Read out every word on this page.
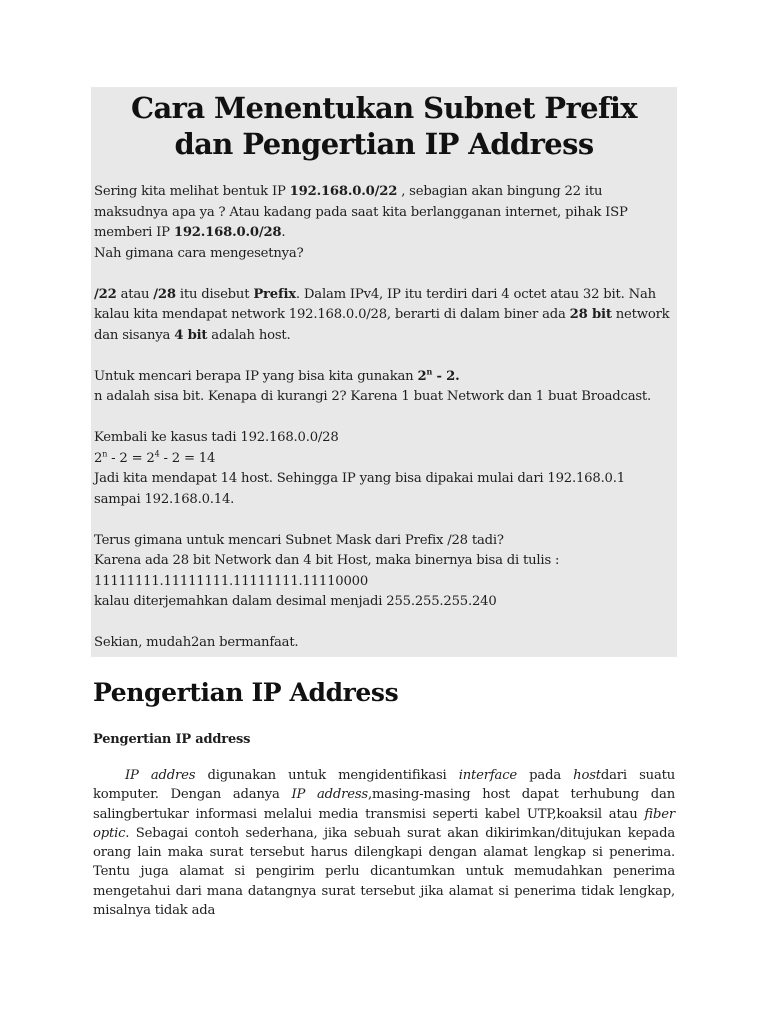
Cara Menentukan Subnet Prefix
dan Pengertian IP Address

Sering kita melihat bentuk IP 192.168.0.0/22 , sebagian akan bingung 22 itu maksudnya apa ya ? Atau kadang pada saat kita berlangganan internet, pihak ISP memberi IP 192.168.0.0/28.

Nah gimana cara mengesetnya?

/22 atau /28 itu disebut Prefix. Dalam IPv4, IP itu terdiri dari 4 octet atau 32 bit. Nah kalau kita mendapat network 192.168.0.0/28, berarti di dalam biner ada 28 bit network dan sisanya 4 bit adalah host.

Untuk mencari berapa IP yang bisa kita gunakan 2$^n$ - 2.

n adalah sisa bit. Kenapa di kurangi 2? Karena 1 buat Network dan 1 buat Broadcast.

Kembali ke kasus tadi 192.168.0.0/28

$2^n - 2 = 2^4 - 2 = 14$

Jadi kita mendapat 14 host. Sehingga IP yang bisa dipakai mulai dari 192.168.0.1 sampai 192.168.0.14.

Terus gimana untuk mencari Subnet Mask dari Prefix /28 tadi?

Karena ada 28 bit Network dan 4 bit Host, maka binernya bisa di tulis :

11111111.11111111.11111111.11110000

kalau diterjemahkan dalam desimal menjadi 255.255.255.240

Sekian, mudah2an bermanfaat.

Pengertian IP Address
Pengertian IP address

IP addres digunakan untuk mengidentifikasi interface pada hostdari suatu komputer. Dengan adanya IP address,masing-masing host dapat terhubung dan salingbertukar informasi melalui media transmisi seperti kabel UTP,koaksil atau fiber optic. Sebagai contoh sederhana, jika sebuah surat akan dikirimkan/ditujukan kepada orang lain maka surat tersebut harus dilengkapi dengan alamat lengkap si penerima. Tentu juga alamat si pengirim perlu dicantumkan untuk memudahkan penerima mengetahui dari mana datangnya surat tersebut jika alamat si penerima tidak lengkap, misalnya tidak ada
